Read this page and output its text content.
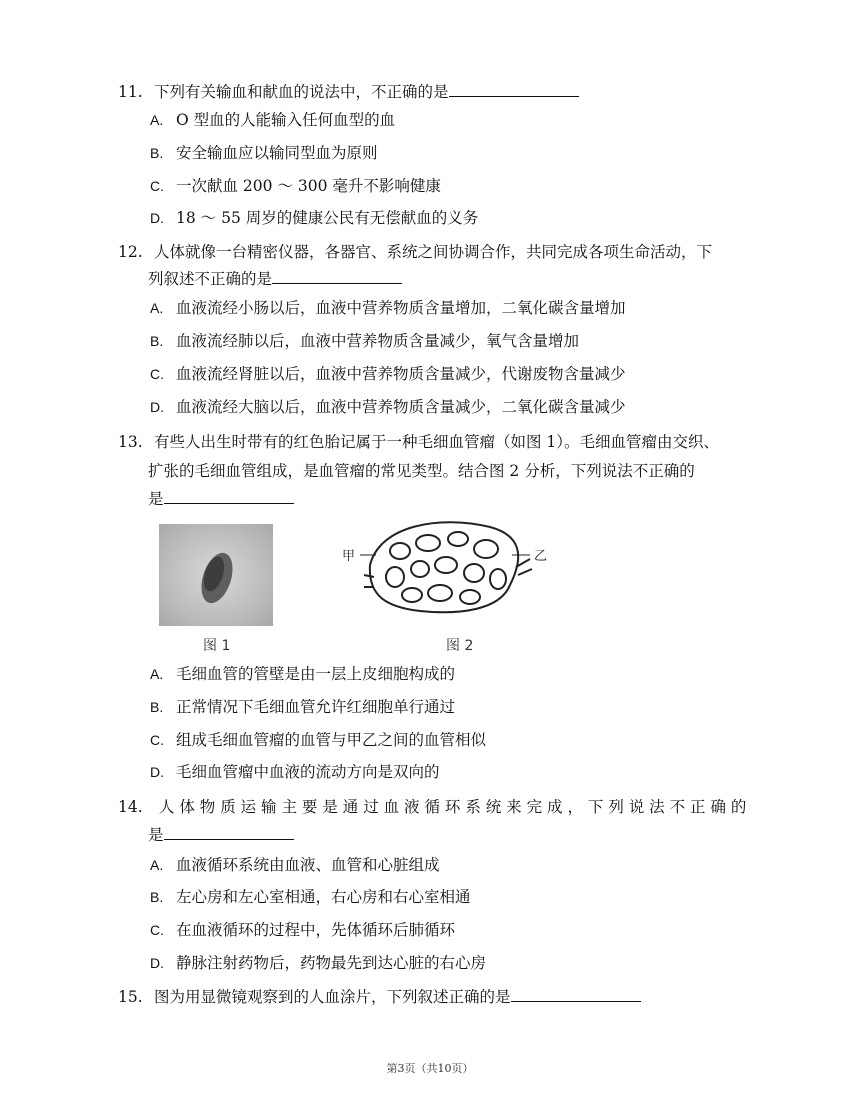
11. 下列有关输血和献血的说法中，不正确的是
A. O 型血的人能输入任何血型的血
B. 安全输血应以输同型血为原则
C. 一次献血 200 ～ 300 毫升不影响健康
D. 18 ～ 55 周岁的健康公民有无偿献血的义务
12. 人体就像一台精密仪器，各器官、系统之间协调合作，共同完成各项生命活动，下
列叙述不正确的是
A. 血液流经小肠以后，血液中营养物质含量增加，二氧化碳含量增加
B. 血液流经肺以后，血液中营养物质含量减少，氧气含量增加
C. 血液流经肾脏以后，血液中营养物质含量减少，代谢废物含量减少
D. 血液流经大脑以后，血液中营养物质含量减少，二氧化碳含量减少
13. 有些人出生时带有的红色胎记属于一种毛细血管瘤（如图 1）。毛细血管瘤由交织、
扩张的毛细血管组成，是血管瘤的常见类型。结合图 2 分析，下列说法不正确的
是
图 1
甲	乙
图 2
A. 毛细血管的管壁是由一层上皮细胞构成的
B. 正常情况下毛细血管允许红细胞单行通过
C. 组成毛细血管瘤的血管与甲乙之间的血管相似
D. 毛细血管瘤中血液的流动方向是双向的
14. 人 体 物 质 运 输 主 要 是 通 过 血 液 循 环 系 统 来 完 成 ， 下 列 说 法 不 正 确 的
是
A. 血液循环系统由血液、血管和心脏组成
B. 左心房和左心室相通，右心房和右心室相通
C. 在血液循环的过程中，先体循环后肺循环
D. 静脉注射药物后，药物最先到达心脏的右心房
15. 图为用显微镜观察到的人血涂片，下列叙述正确的是
第3页（共10页）
